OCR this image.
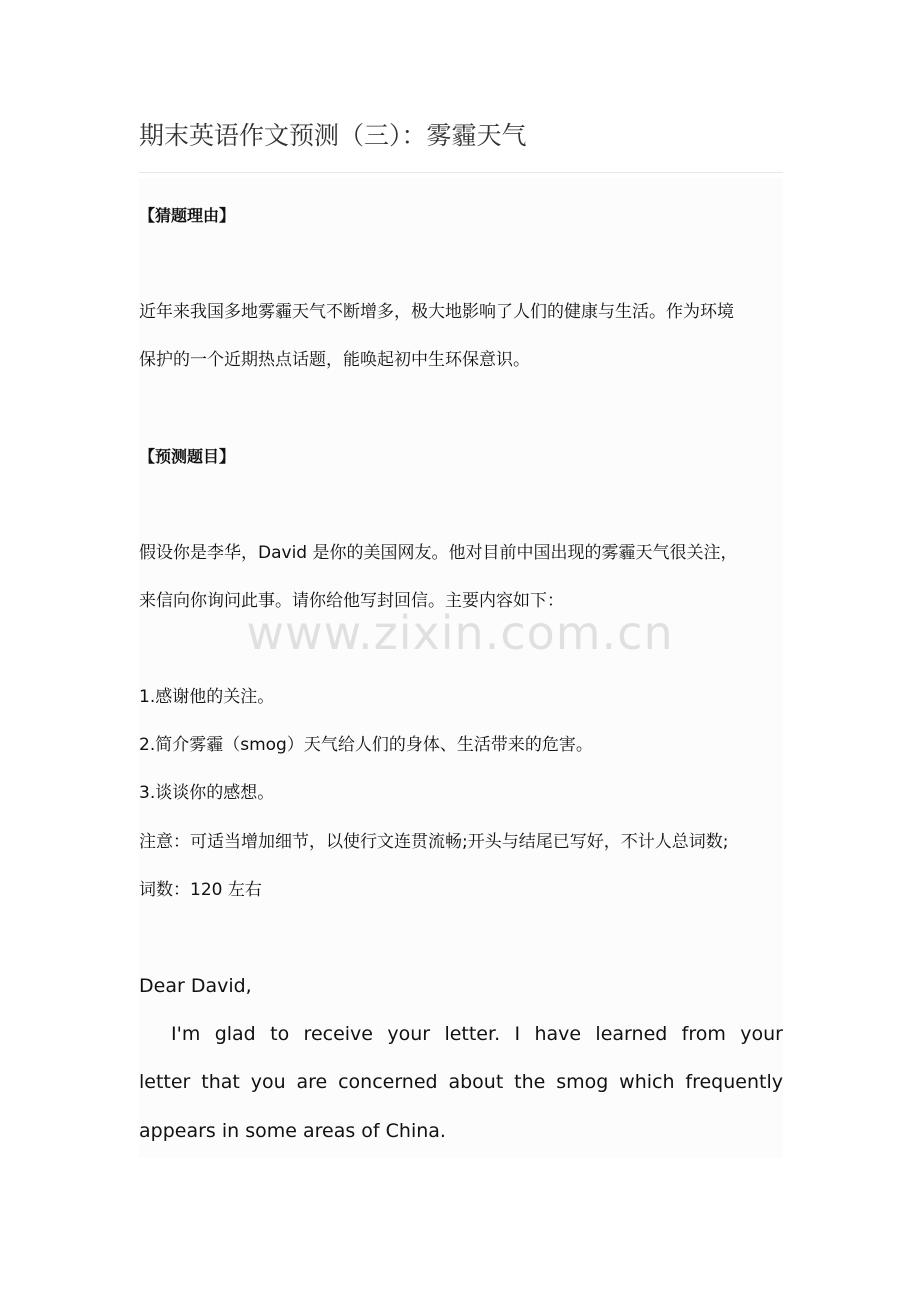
期末英语作文预测（三）：雾霾天气
【猜题理由】
近年来我国多地雾霾天气不断增多，极大地影响了人们的健康与生活。作为环境
保护的一个近期热点话题，能唤起初中生环保意识。
【预测题目】
假设你是李华，David 是你的美国网友。他对目前中国出现的雾霾天气很关注，
来信向你询问此事。请你给他写封回信。主要内容如下：
www.zixin.com.cn
1.感谢他的关注。
2.简介雾霾（smog）天气给人们的身体、生活带来的危害。
3.谈谈你的感想。
注意：可适当增加细节，以使行文连贯流畅;开头与结尾已写好，不计人总词数;
词数：120 左右
Dear David,
I'm glad to receive your letter. I have learned from your
letter that you are concerned about the smog which frequently
appears in some areas of China.
